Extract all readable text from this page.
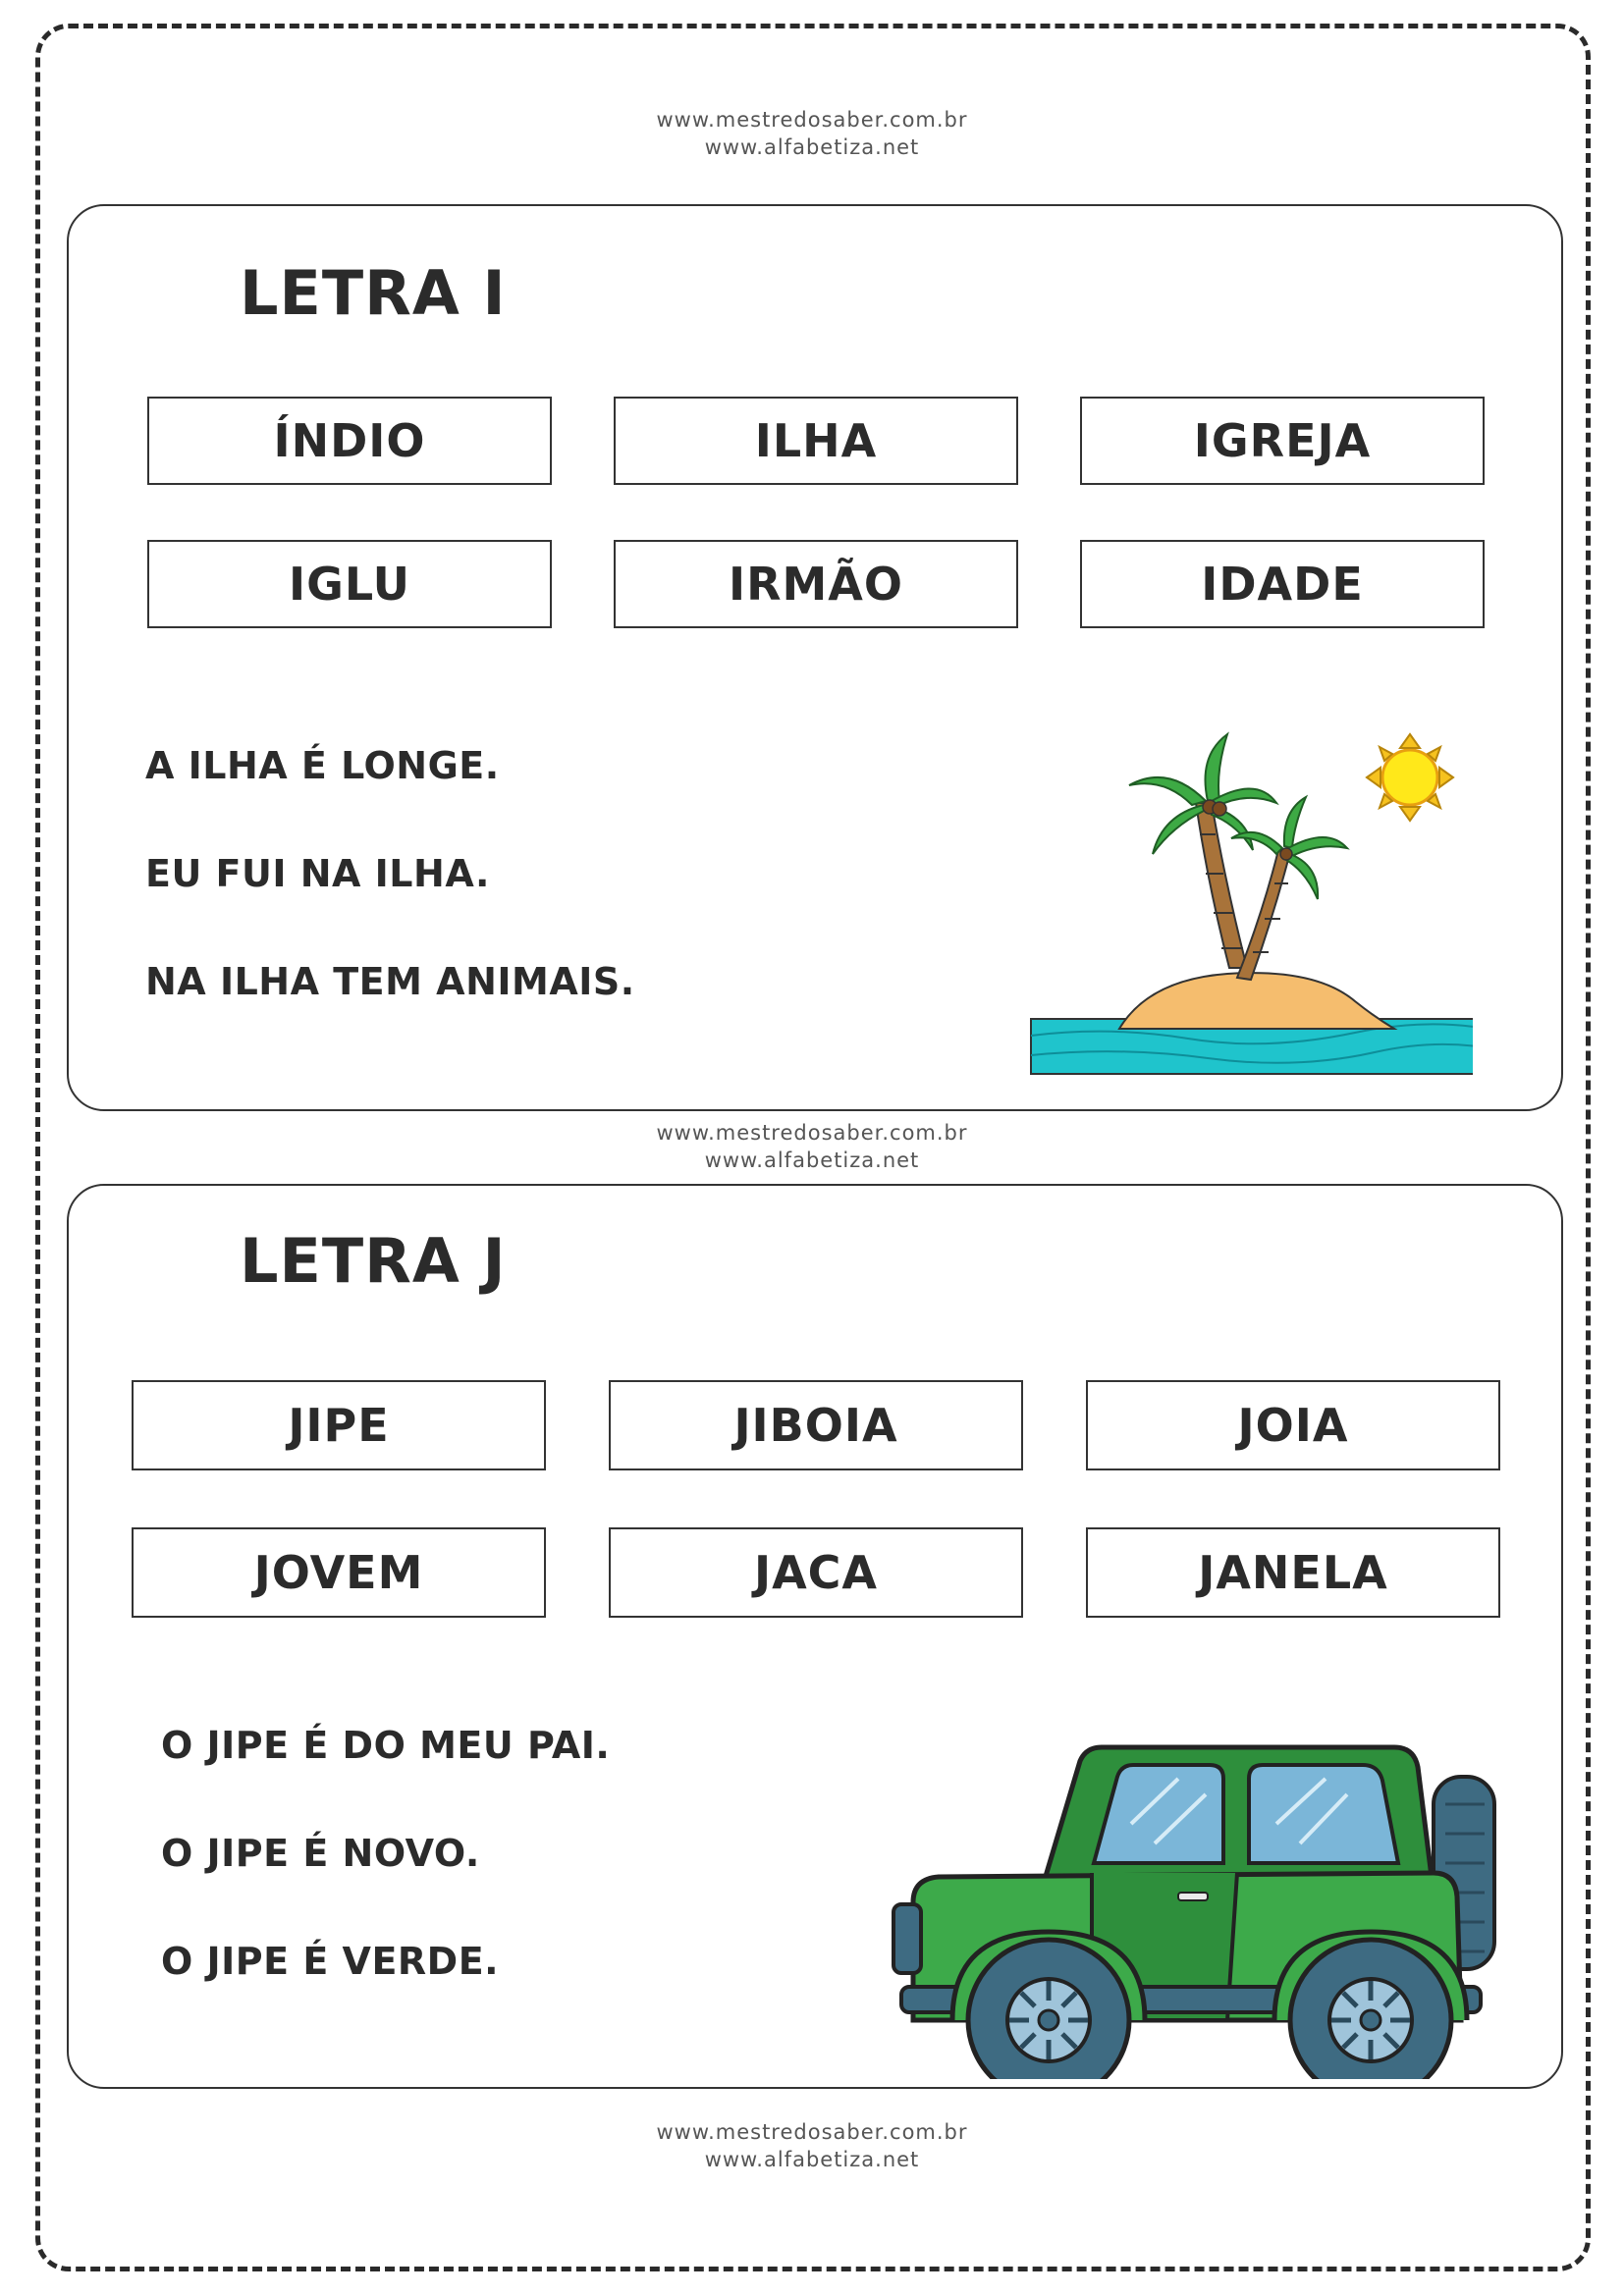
www.mestredosaber.com.br
www.alfabetiza.net
LETRA I
ÍNDIO	ILHA	IGREJA
IGLU	IRMÃO	IDADE
A ILHA É LONGE.
EU FUI NA ILHA.
NA ILHA TEM ANIMAIS.
www.mestredosaber.com.br
www.alfabetiza.net
LETRA J
JIPE	JIBOIA	JOIA
JOVEM	JACA	JANELA
O JIPE É DO MEU PAI.
O JIPE É NOVO.
O JIPE É VERDE.
www.mestredosaber.com.br
www.alfabetiza.net
